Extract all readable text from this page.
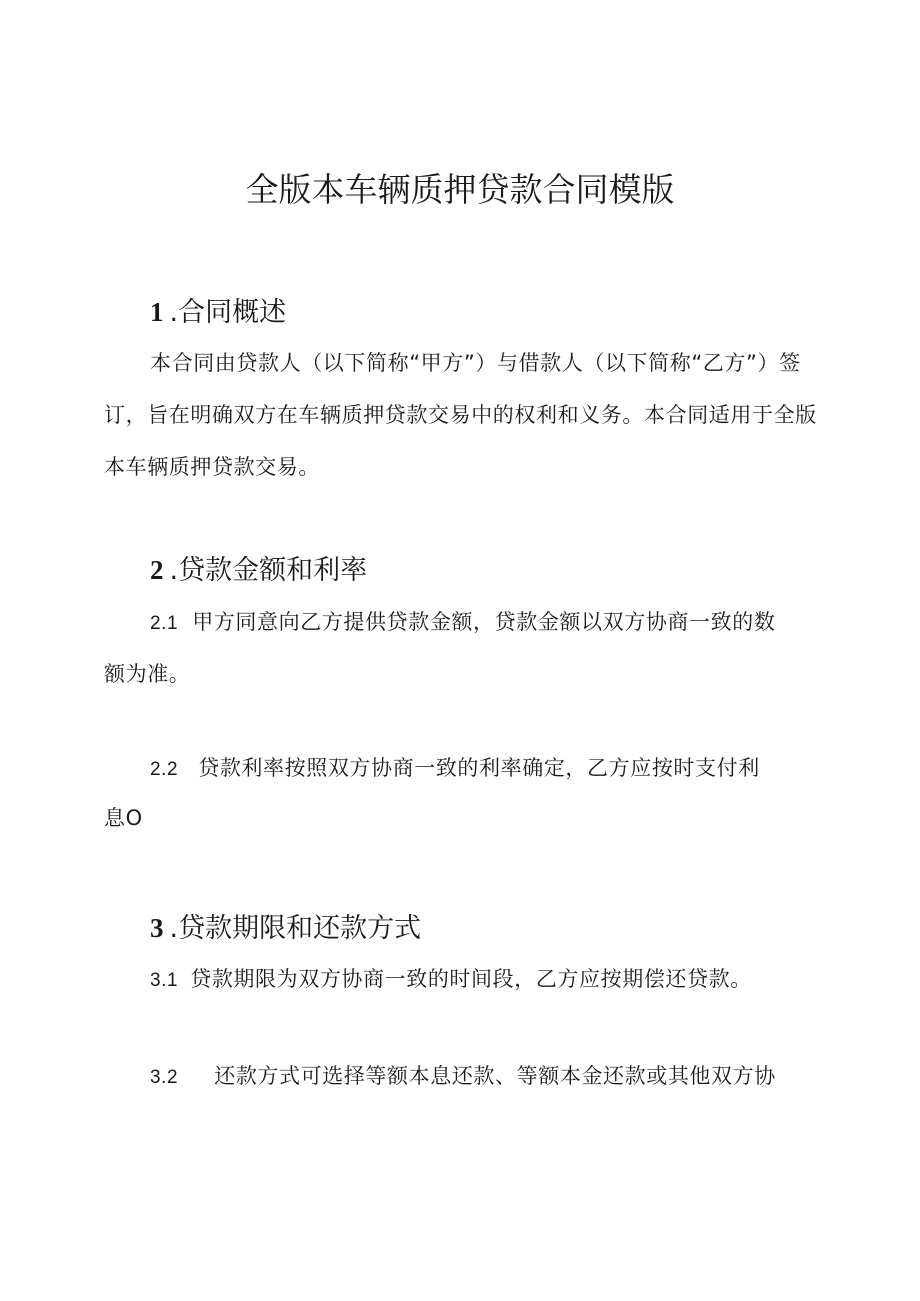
全版本车辆质押贷款合同模版
1 .合同概述

本合同由贷款人（以下简称“甲方”）与借款人（以下简称“乙方”）签订，旨在明确双方在车辆质押贷款交易中的权利和义务。本合同适用于全版本车辆质押贷款交易。

2 .贷款金额和利率
2.1 甲方同意向乙方提供贷款金额，贷款金额以双方协商一致的数
额为准。
2.2 贷款利率按照双方协商一致的利率确定，乙方应按时支付利
息O
3 .贷款期限和还款方式
3.1 贷款期限为双方协商一致的时间段，乙方应按期偿还贷款。
3.2 还款方式可选择等额本息还款、等额本金还款或其他双方协
